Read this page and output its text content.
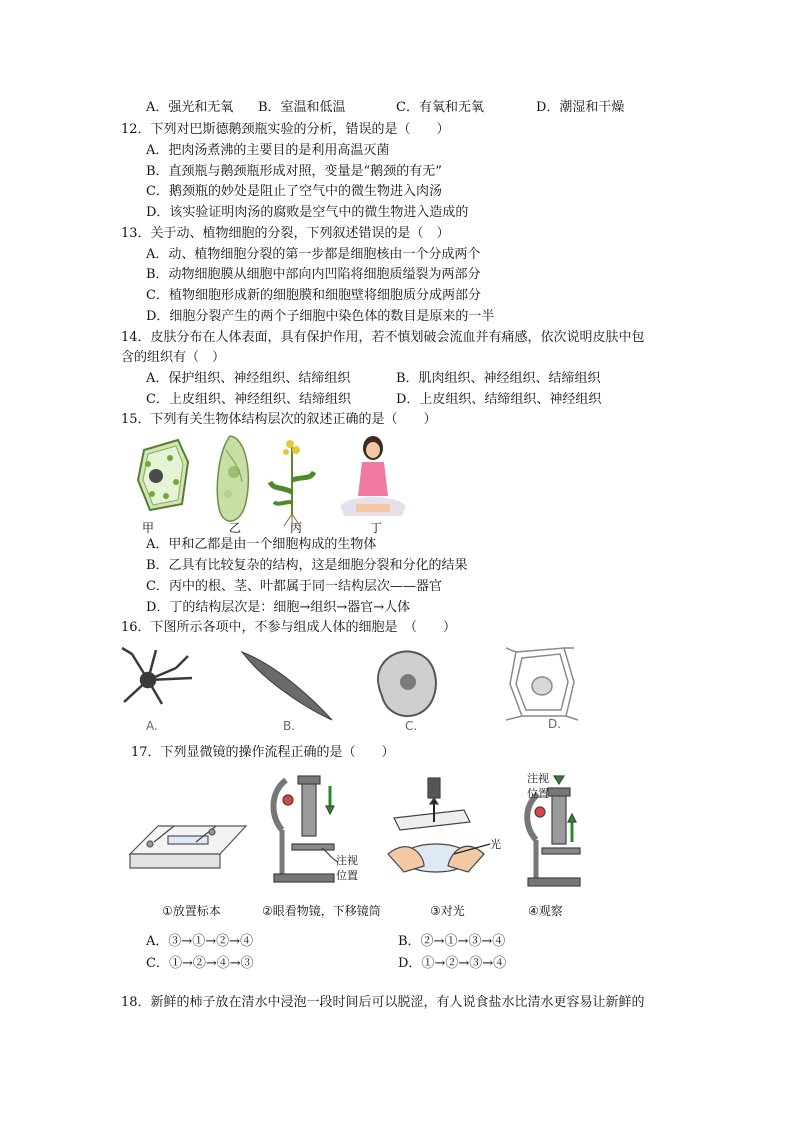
A．强光和无氧 B．室温和低温	C．有氧和无氧	D．潮湿和干燥
12．下列对巴斯德鹅颈瓶实验的分析，错误的是（　　）
A．把肉汤煮沸的主要目的是利用高温灭菌
B．直颈瓶与鹅颈瓶形成对照，变量是“鹅颈的有无”
C．鹅颈瓶的妙处是阻止了空气中的微生物进入肉汤
D．该实验证明肉汤的腐败是空气中的微生物进入造成的
13．关于动、植物细胞的分裂，下列叙述错误的是（　）
A．动、植物细胞分裂的第一步都是细胞核由一个分成两个
B．动物细胞膜从细胞中部向内凹陷将细胞质缢裂为两部分
C．植物细胞形成新的细胞膜和细胞壁将细胞质分成两部分
D．细胞分裂产生的两个子细胞中染色体的数目是原来的一半
14．皮肤分布在人体表面，具有保护作用，若不慎划破会流血并有痛感，依次说明皮肤中包
含的组织有（　）
A．保护组织、神经组织、结缔组织	B．肌肉组织、神经组织、结缔组织
C．上皮组织、神经组织、结缔组织	D．上皮组织、结缔组织、神经组织
15．下列有关生物体结构层次的叙述正确的是（　　）
甲	乙	丙	丁
A．甲和乙都是由一个细胞构成的生物体
B．乙具有比较复杂的结构，这是细胞分裂和分化的结果
C．丙中的根、茎、叶都属于同一结构层次——器官
D．丁的结构层次是：细胞→组织→器官→人体
16．下图所示各项中，不参与组成人体的细胞是　（　　）
A.	B.	C.	D.
17．下列显微镜的操作流程正确的是（　　）
注视
位置
注视
位置
光
①放置标本	②眼看物镜，下移镜筒	③对光	④观察
A．③→①→②→④	B．②→①→③→④
C．①→②→④→③	D．①→②→③→④
18．新鲜的柿子放在清水中浸泡一段时间后可以脱涩，有人说食盐水比清水更容易让新鲜的
